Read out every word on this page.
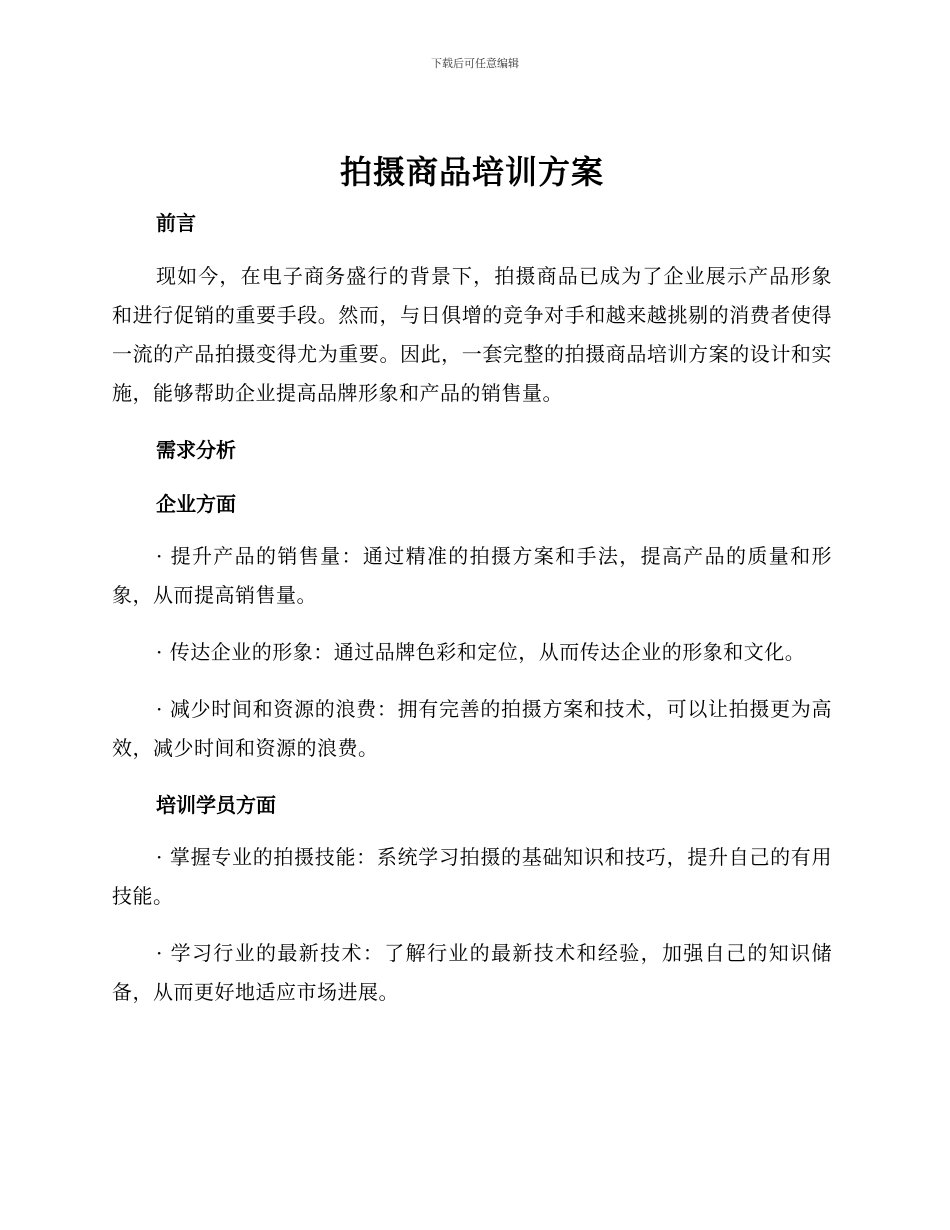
下载后可任意编辑
拍摄商品培训方案
前言

现如今，在电子商务盛行的背景下，拍摄商品已成为了企业展示产品形象和进行促销的重要手段。然而，与日俱增的竞争对手和越来越挑剔的消费者使得一流的产品拍摄变得尤为重要。因此，一套完整的拍摄商品培训方案的设计和实施，能够帮助企业提高品牌形象和产品的销售量。

需求分析
企业方面

· 提升产品的销售量：通过精准的拍摄方案和手法，提高产品的质量和形象，从而提高销售量。

· 传达企业的形象：通过品牌色彩和定位，从而传达企业的形象和文化。

· 减少时间和资源的浪费：拥有完善的拍摄方案和技术，可以让拍摄更为高效，减少时间和资源的浪费。

培训学员方面

· 掌握专业的拍摄技能：系统学习拍摄的基础知识和技巧，提升自己的有用技能。

· 学习行业的最新技术：了解行业的最新技术和经验，加强自己的知识储备，从而更好地适应市场进展。
